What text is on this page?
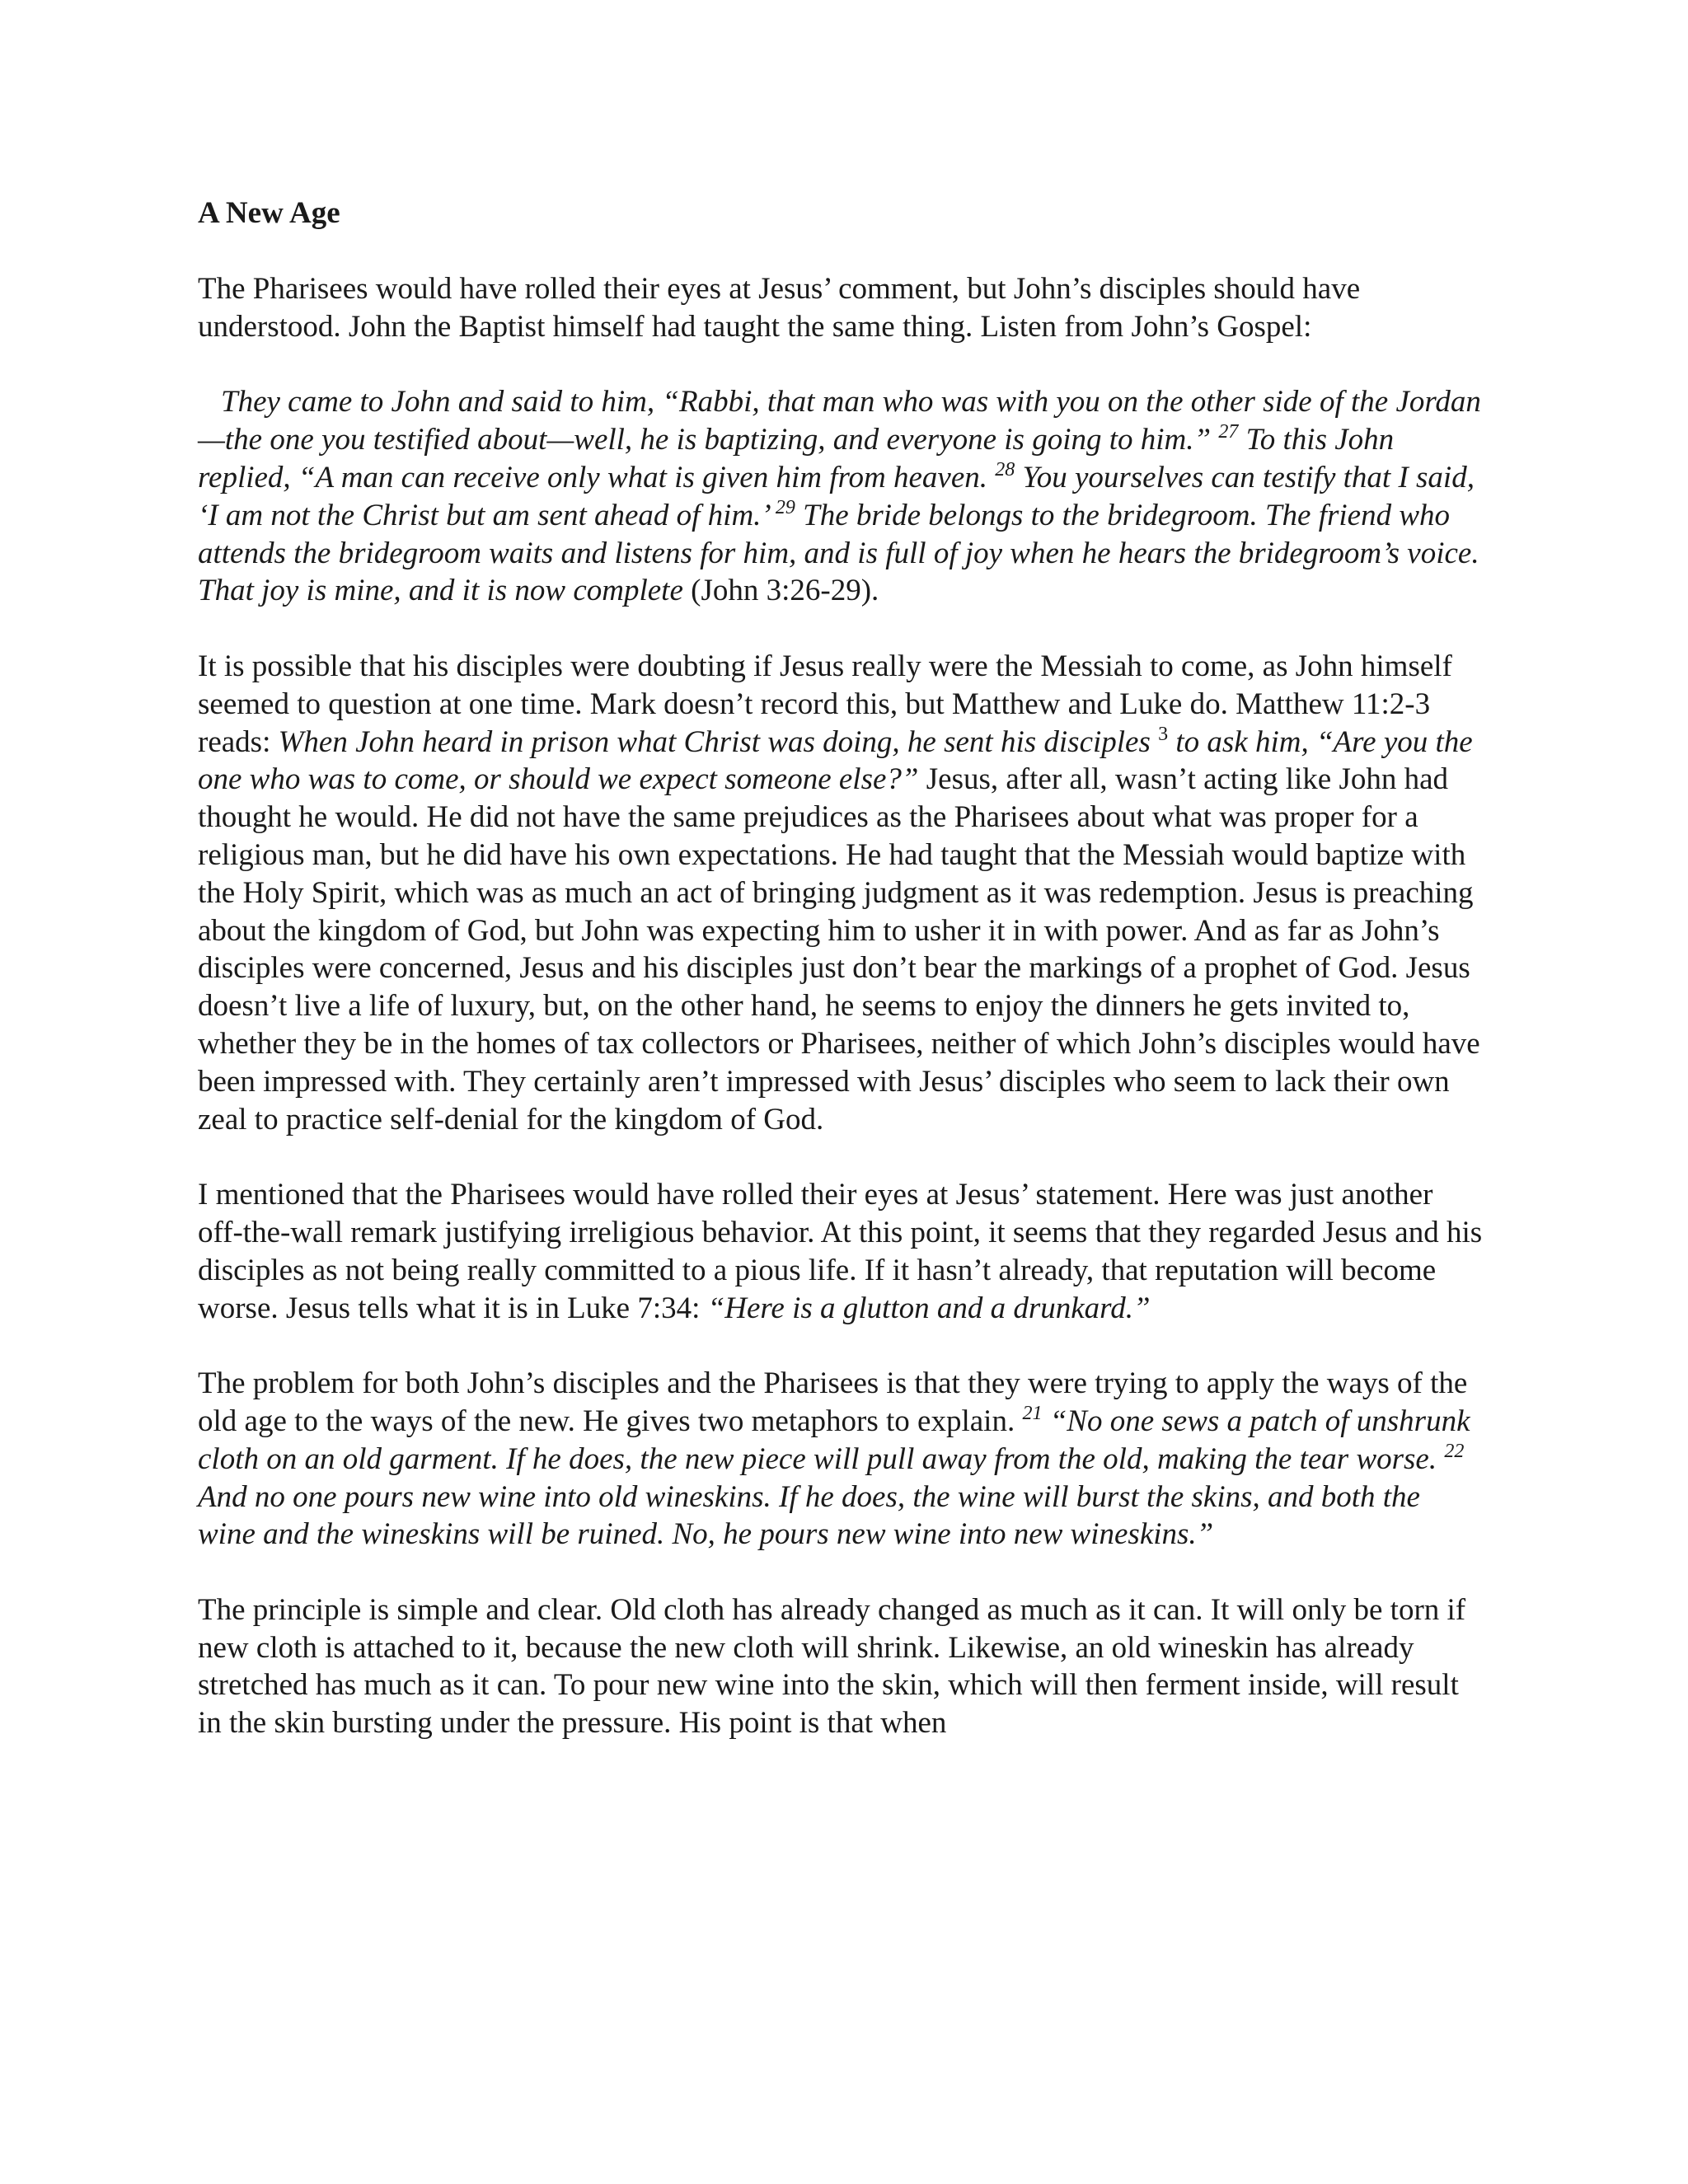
A New Age

The Pharisees would have rolled their eyes at Jesus’ comment, but John’s disciples should have understood. John the Baptist himself had taught the same thing. Listen from John’s Gospel:

They came to John and said to him, “Rabbi, that man who was with you on the other side of the Jordan—the one you testified about—well, he is baptizing, and everyone is going to him.” $^{27}$ To this John replied, “A man can receive only what is given him from heaven. $^{28}$ You yourselves can testify that I said, ‘I am not the Christ but am sent ahead of him.’ $^{29}$ The bride belongs to the bridegroom. The friend who attends the bridegroom waits and listens for him, and is full of joy when he hears the bridegroom’s voice. That joy is mine, and it is now complete (John 3:26-29).

It is possible that his disciples were doubting if Jesus really were the Messiah to come, as John himself seemed to question at one time. Mark doesn’t record this, but Matthew and Luke do. Matthew 11:2-3 reads: When John heard in prison what Christ was doing, he sent his disciples $^3$ to ask him, “Are you the one who was to come, or should we expect someone else?” Jesus, after all, wasn’t acting like John had thought he would. He did not have the same prejudices as the Pharisees about what was proper for a religious man, but he did have his own expectations. He had taught that the Messiah would baptize with the Holy Spirit, which was as much an act of bringing judgment as it was redemption. Jesus is preaching about the kingdom of God, but John was expecting him to usher it in with power. And as far as John’s disciples were concerned, Jesus and his disciples just don’t bear the markings of a prophet of God. Jesus doesn’t live a life of luxury, but, on the other hand, he seems to enjoy the dinners he gets invited to, whether they be in the homes of tax collectors or Pharisees, neither of which John’s disciples would have been impressed with. They certainly aren’t impressed with Jesus’ disciples who seem to lack their own zeal to practice self-denial for the kingdom of God.

I mentioned that the Pharisees would have rolled their eyes at Jesus’ statement. Here was just another off-the-wall remark justifying irreligious behavior. At this point, it seems that they regarded Jesus and his disciples as not being really committed to a pious life. If it hasn’t already, that reputation will become worse. Jesus tells what it is in Luke 7:34: “Here is a glutton and a drunkard.”

The problem for both John’s disciples and the Pharisees is that they were trying to apply the ways of the old age to the ways of the new. He gives two metaphors to explain. $^{21}$ “No one sews a patch of unshrunk cloth on an old garment. If he does, the new piece will pull away from the old, making the tear worse. $^{22}$ And no one pours new wine into old wineskins. If he does, the wine will burst the skins, and both the wine and the wineskins will be ruined. No, he pours new wine into new wineskins.”

The principle is simple and clear. Old cloth has already changed as much as it can. It will only be torn if new cloth is attached to it, because the new cloth will shrink. Likewise, an old wineskin has already stretched has much as it can. To pour new wine into the skin, which will then ferment inside, will result in the skin bursting under the pressure. His point is that when
